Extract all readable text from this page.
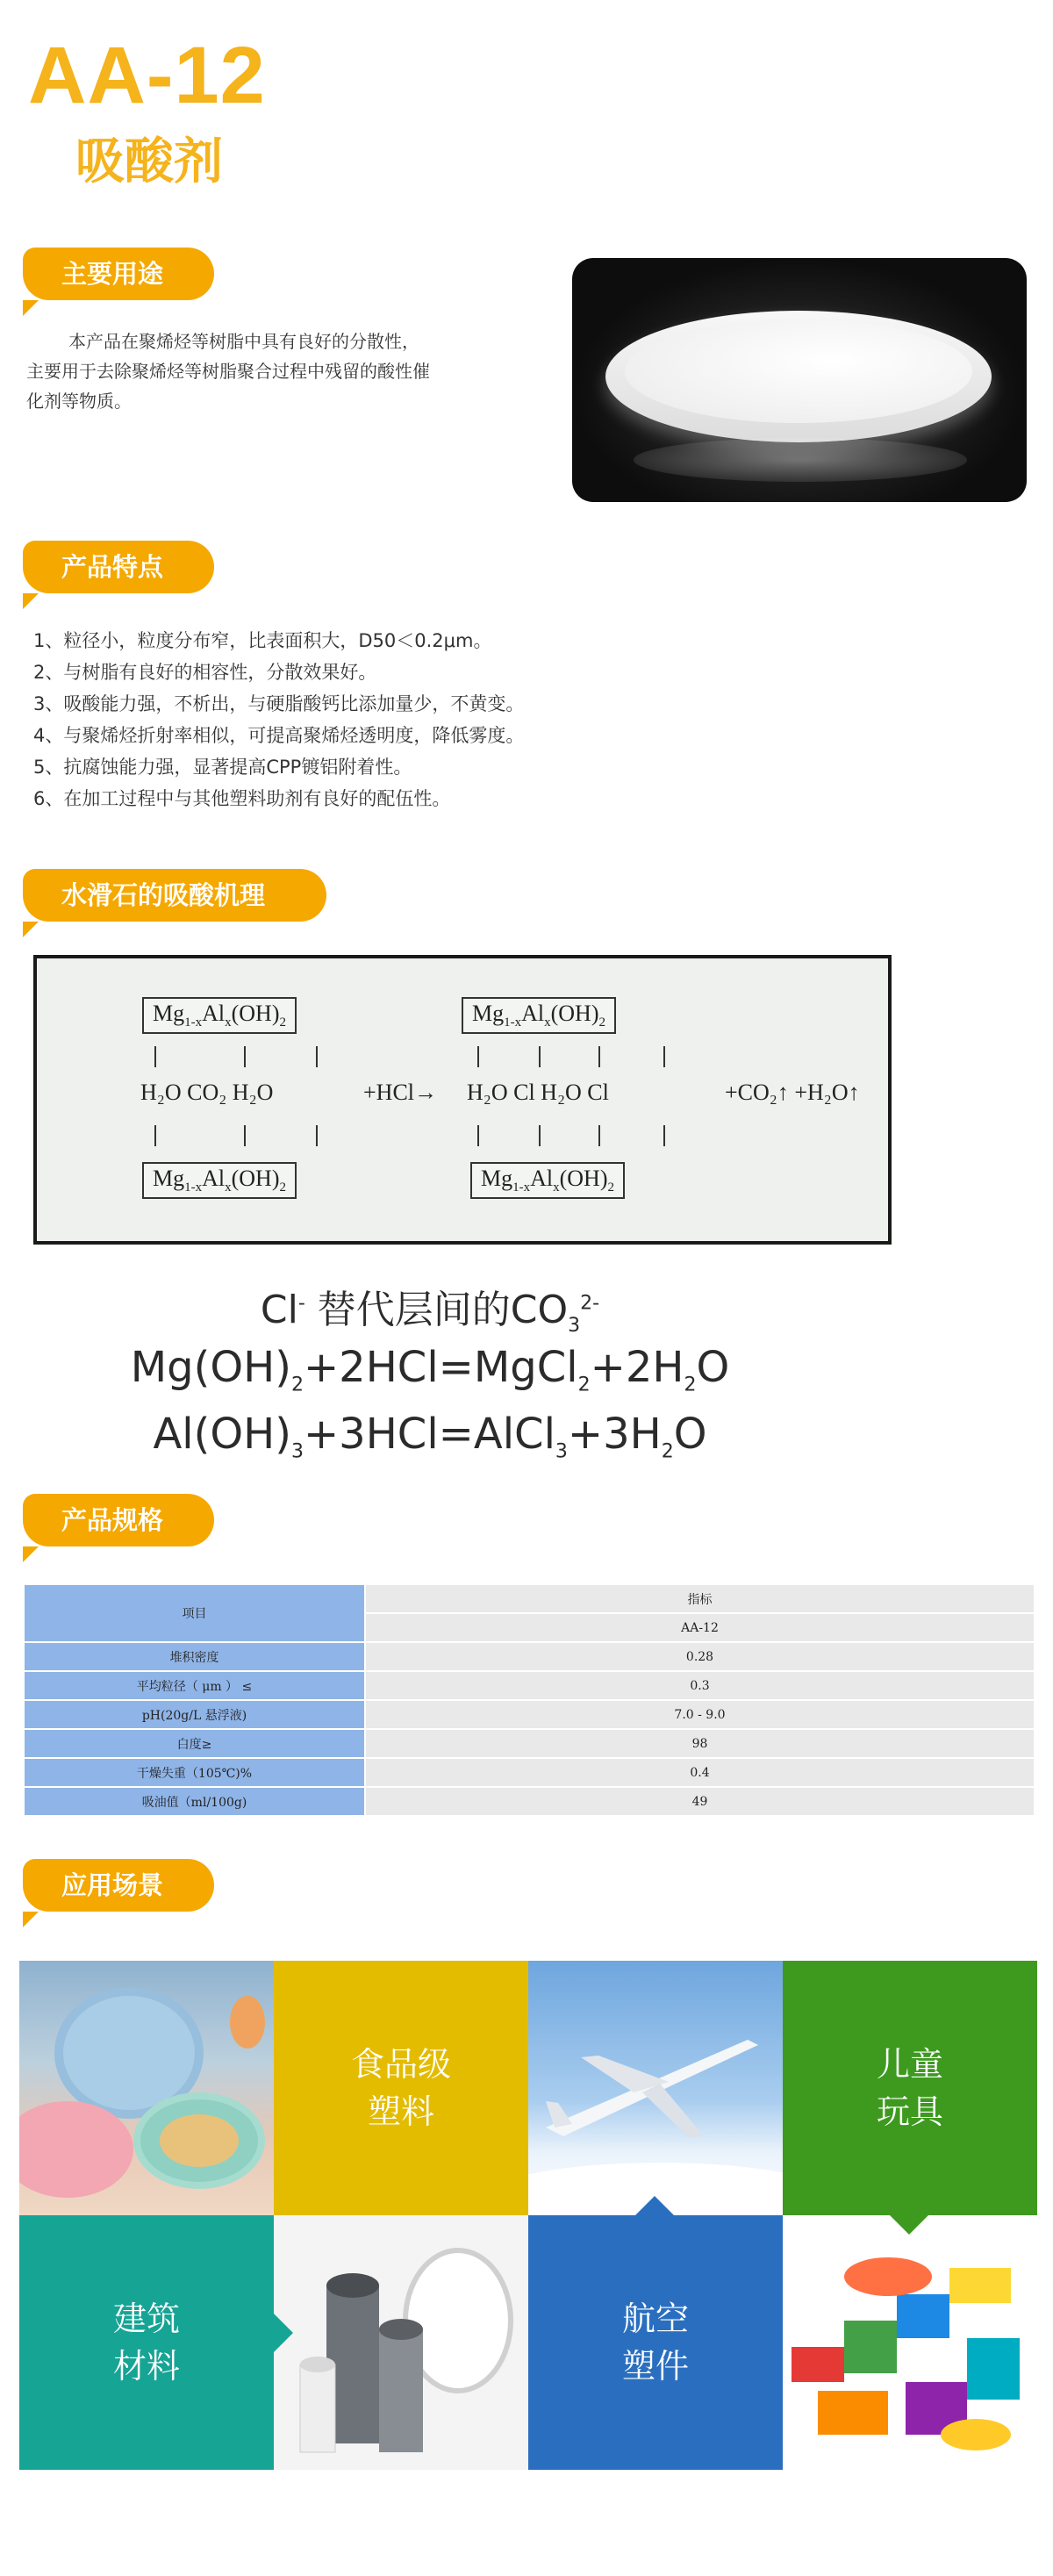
AA-12
吸酸剂
主要用途
本产品在聚烯烃等树脂中具有良好的分散性，
主要用于去除聚烯烃等树脂聚合过程中残留的酸性催
化剂等物质。
产品特点
1、粒径小，粒度分布窄，比表面积大，D50＜0.2μm。
2、与树脂有良好的相容性，分散效果好。
3、吸酸能力强，不析出，与硬脂酸钙比添加量少，不黄变。
4、与聚烯烃折射率相似，可提高聚烯烃透明度，降低雾度。
5、抗腐蚀能力强，显著提高CPP镀铝附着性。
6、在加工过程中与其他塑料助剂有良好的配伍性。
水滑石的吸酸机理
$Mg_{1-x}Al_x(OH)_2$	$Mg_{1-x}Al_x(OH)_2$
H₂O CO₂ H₂O	+HCl→ H₂O Cl H₂O Cl	+CO₂↑ +H₂O↑
$Mg_{1-x}Al_x(OH)_2$	$Mg_{1-x}Al_x(OH)_2$
Cl- 替代层间的$CO_3^{2-}$
$Mg(OH)_2+2HCl=MgCl_2+2H_2O$
$Al(OH)_3+3HCl=AlCl_3+3H_2O$
产品规格
项目	指标
	AA-12
堆积密度	0.28
平均粒径（ μm ） ≤	0.3
pH(20g/L 悬浮液)	7.0 - 9.0
白度≥	98
干燥失重（105℃)%	0.4
吸油值（ml/100g)	49
应用场景
食品级
塑料
儿童
玩具
建筑
材料
航空
塑件
